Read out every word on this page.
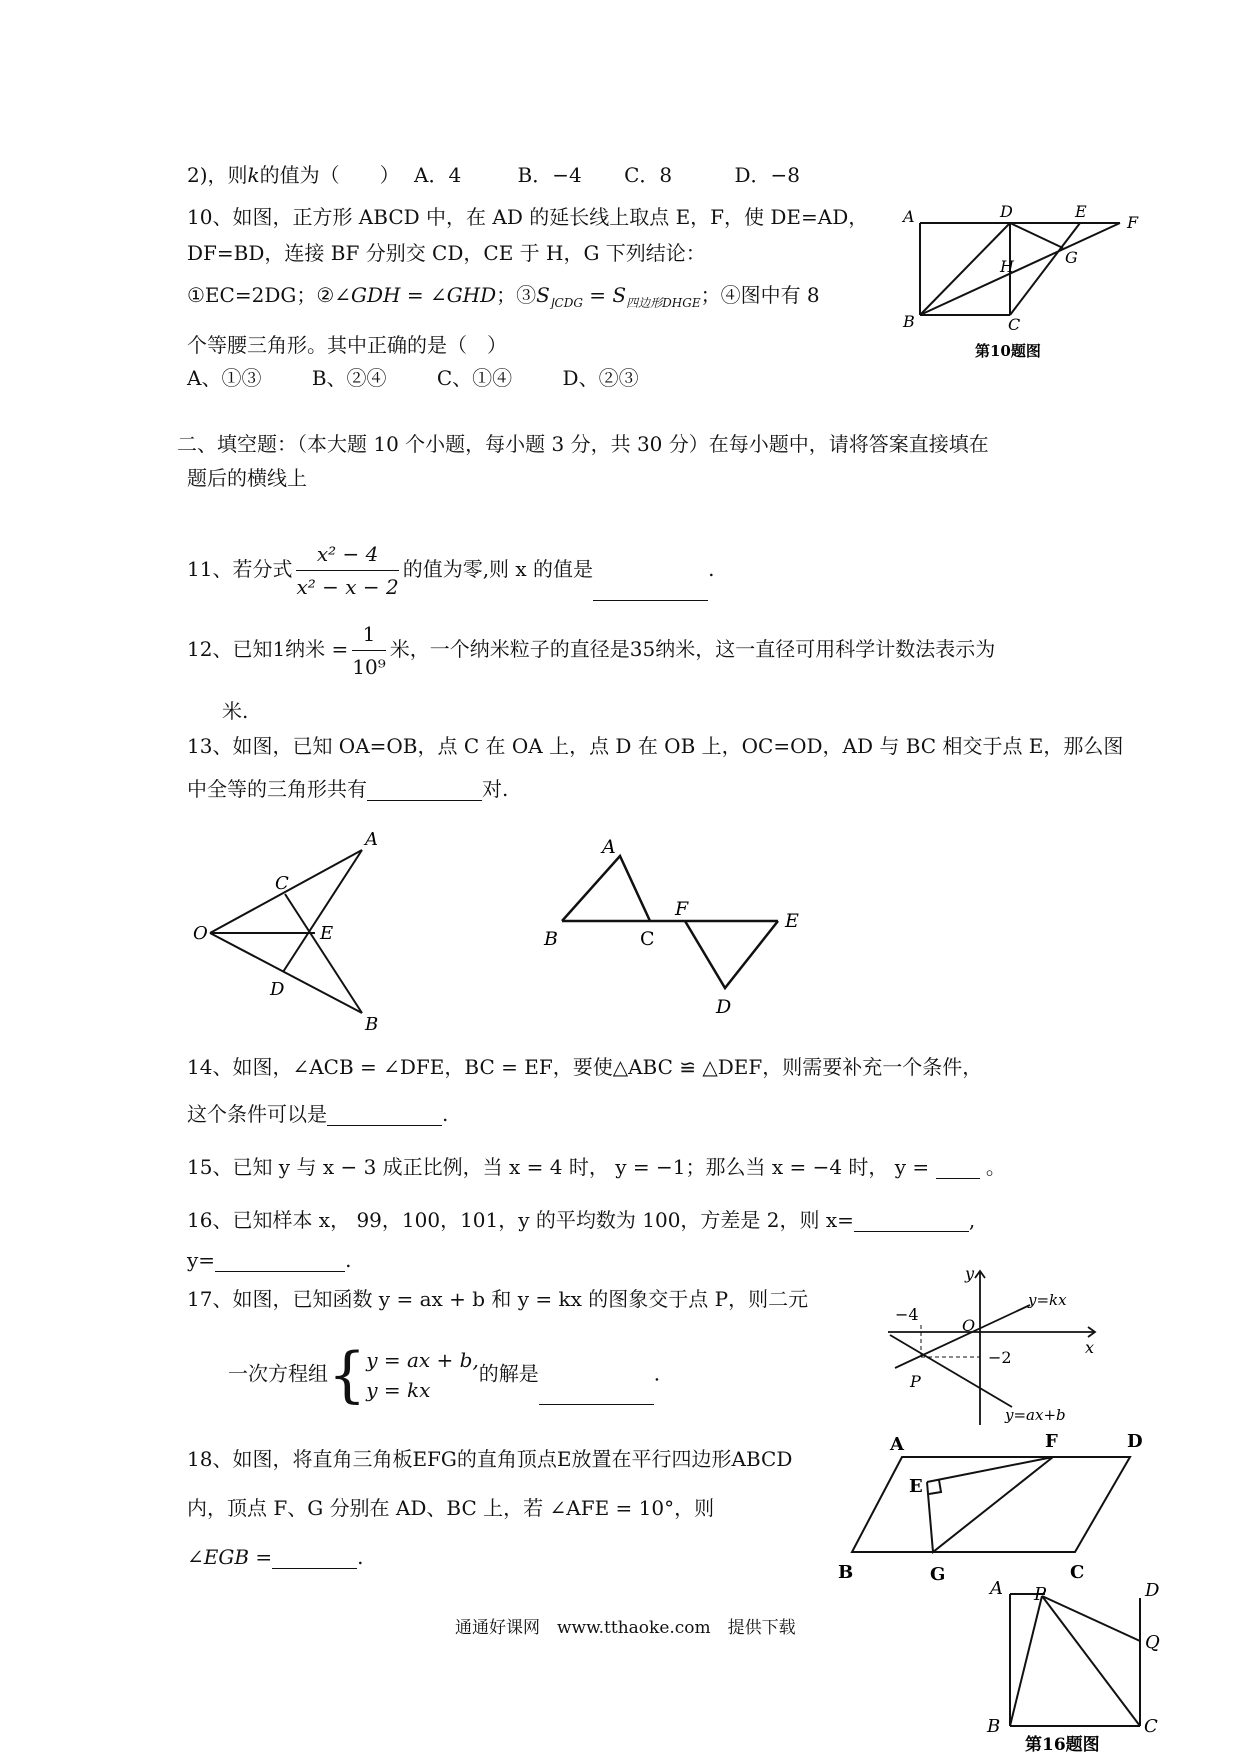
2)，则k的值为（　　） A．4	B．−4 C．8	D．−8
10、如图，正方形 ABCD 中，在 AD 的延长线上取点 E，F，使 DE=AD，
DF=BD，连接 BF 分别交 CD，CE 于 H，G 下列结论：
①EC=2DG；②∠GDH = ∠GHD；$③S_{⌋CDG} = S_{四边形DHGE}$；④图中有 8
个等腰三角形。其中正确的是（　）
A、①③	B、②④	C、①④	D、②③
A	D	E
F
H	G
B	C
第10题图
二、填空题：（本大题 10 个小题，每小题 3 分，共 30 分）在每小题中，请将答案直接填在
题后的横线上
11、若分式 $\frac{\text{x² − 4}}{\text{x² − x − 2}}$ 的值为零,则 x 的值是	.
12、已知1纳米 = $\frac{1}{\text{10⁹}}$ 米，一个纳米粒子的直径是35纳米，这一直径可用科学计数法表示为
米.
13、如图，已知 OA=OB，点 C 在 OA 上，点 D 在 OB 上，OC=OD，AD 与 BC 相交于点 E，那么图
中全等的三角形共有	对.
A
C
O	E
D
B
A
B	C
F
E
D
14、如图，∠ACB = ∠DFE，BC = EF，要使△ABC ≌ △DEF，则需要补充一个条件，
这个条件可以是	.
15、已知 y 与 x − 3 成正比例，当 x = 4 时， y = −1；那么当 x = −4 时， y =	。
16、已知样本 x， 99，100，101，y 的平均数为 100，方差是 2，则 x=	,
y=	.
17、如图，已知函数 y = ax + b 和 y = kx 的图象交于点 P，则二元
一次方程组{ y = ax + b,
y = kx
的解是	.
y
x
O
−4
−2
P
y=kx
y=ax+b
18、如图，将直角三角板EFG的直角顶点E放置在平行四边形ABCD
内，顶点 F、G 分别在 AD、BC 上，若 ∠AFE = 10°，则
∠EGB =	.
A	F	D
E
B	G	C
A P	D
Q
B	C
第16题图
通通好课网　www.tthaoke.com　提供下载
